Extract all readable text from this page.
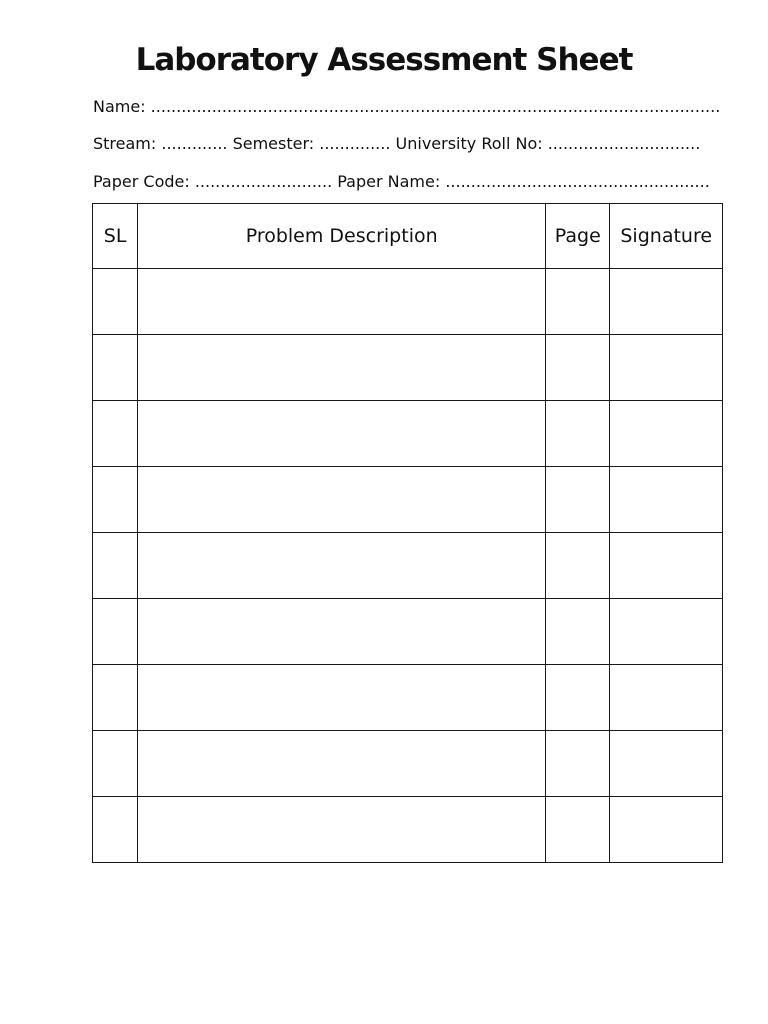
Laboratory Assessment Sheet
Name: ................................................................................................................
Stream: ............. Semester: .............. University Roll No: ..............................
Paper Code: ........................... Paper Name: ....................................................
SL	Problem Description	Page	Signature
